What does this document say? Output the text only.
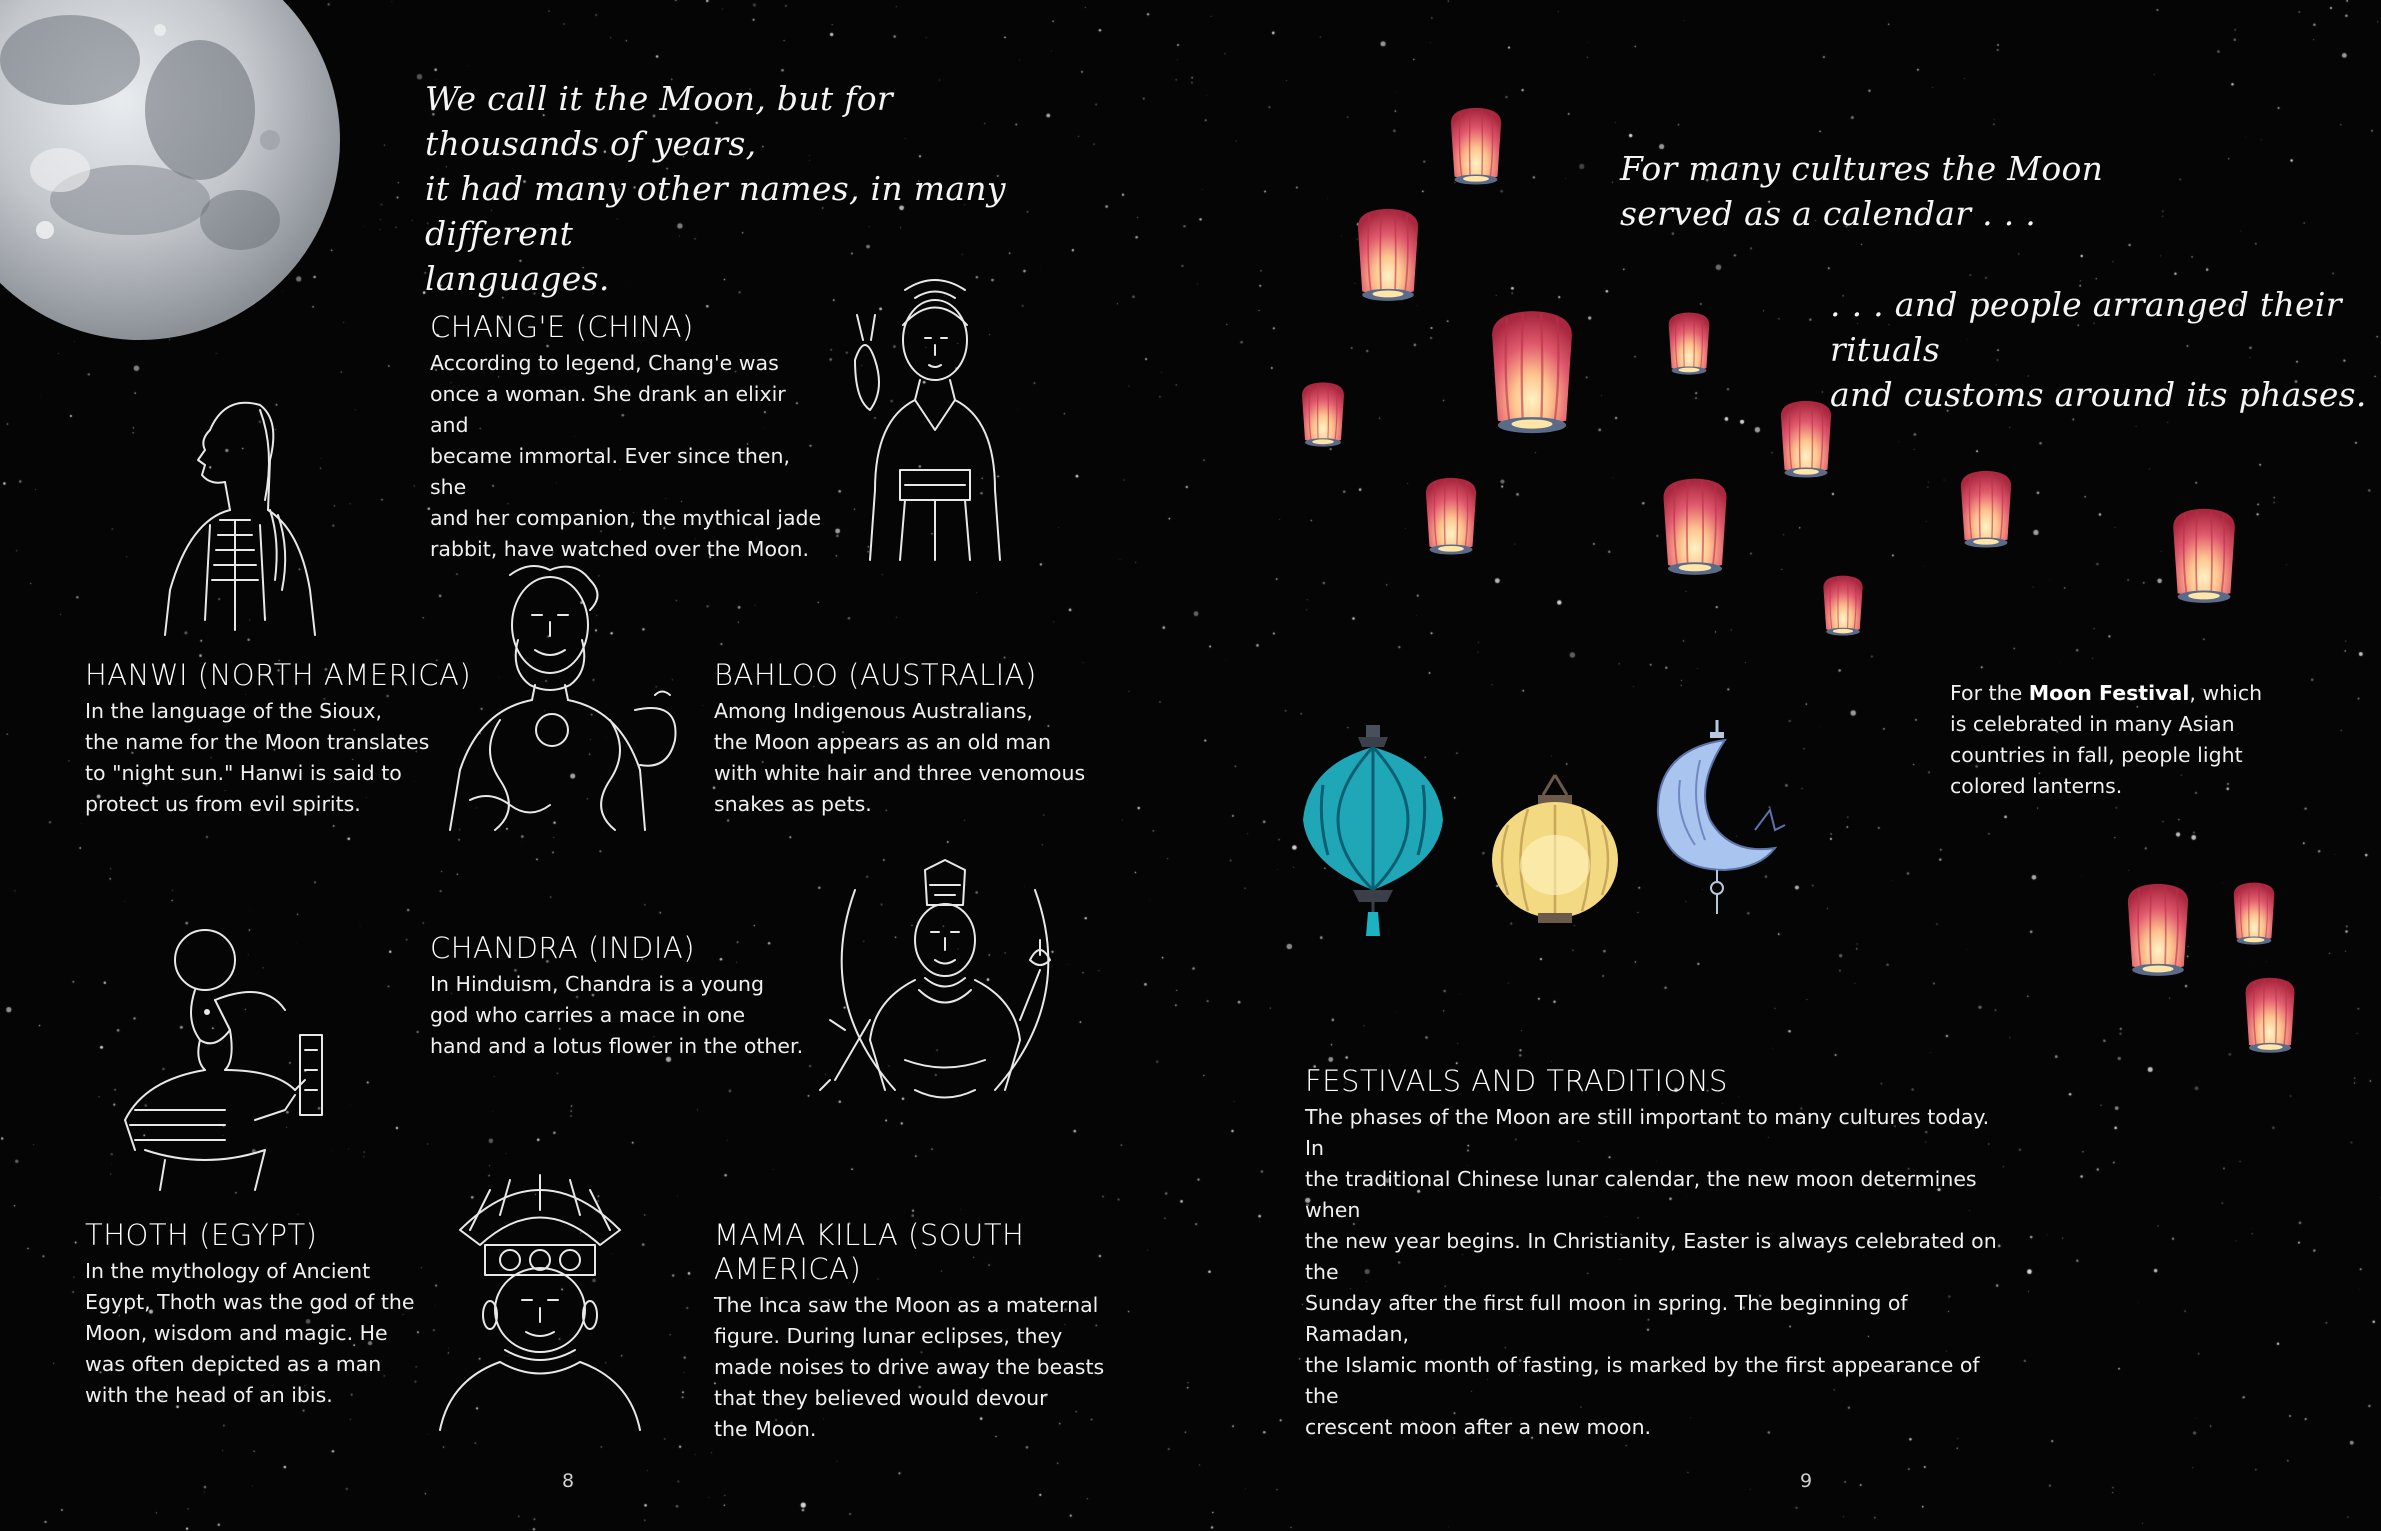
We call it the Moon, but for thousands of years,
it had many other names, in many different
languages.
CHANG'E (CHINA)
According to legend, Chang'e was
once a woman. She drank an elixir and
became immortal. Ever since then, she
and her companion, the mythical jade
rabbit, have watched over the Moon.
HANWI (NORTH AMERICA)
In the language of the Sioux,
the name for the Moon translates
to "night sun." Hanwi is said to
protect us from evil spirits.
BAHLOO (AUSTRALIA)
Among Indigenous Australians,
the Moon appears as an old man
with white hair and three venomous
snakes as pets.
CHANDRA (INDIA)
In Hinduism, Chandra is a young
god who carries a mace in one
hand and a lotus flower in the other.
THOTH (EGYPT)
In the mythology of Ancient
Egypt, Thoth was the god of the
Moon, wisdom and magic. He
was often depicted as a man
with the head of an ibis.
MAMA KILLA (SOUTH AMERICA)
The Inca saw the Moon as a maternal
figure. During lunar eclipses, they
made noises to drive away the beasts
that they believed would devour
the Moon.
8
For many cultures the Moon
served as a calendar . . .
. . . and people arranged their rituals
and customs around its phases.
For the Moon Festival, which
is celebrated in many Asian
countries in fall, people light
colored lanterns.
FESTIVALS AND TRADITIONS
The phases of the Moon are still important to many cultures today. In
the traditional Chinese lunar calendar, the new moon determines when
the new year begins. In Christianity, Easter is always celebrated on the
Sunday after the first full moon in spring. The beginning of Ramadan,
the Islamic month of fasting, is marked by the first appearance of the
crescent moon after a new moon.
9
